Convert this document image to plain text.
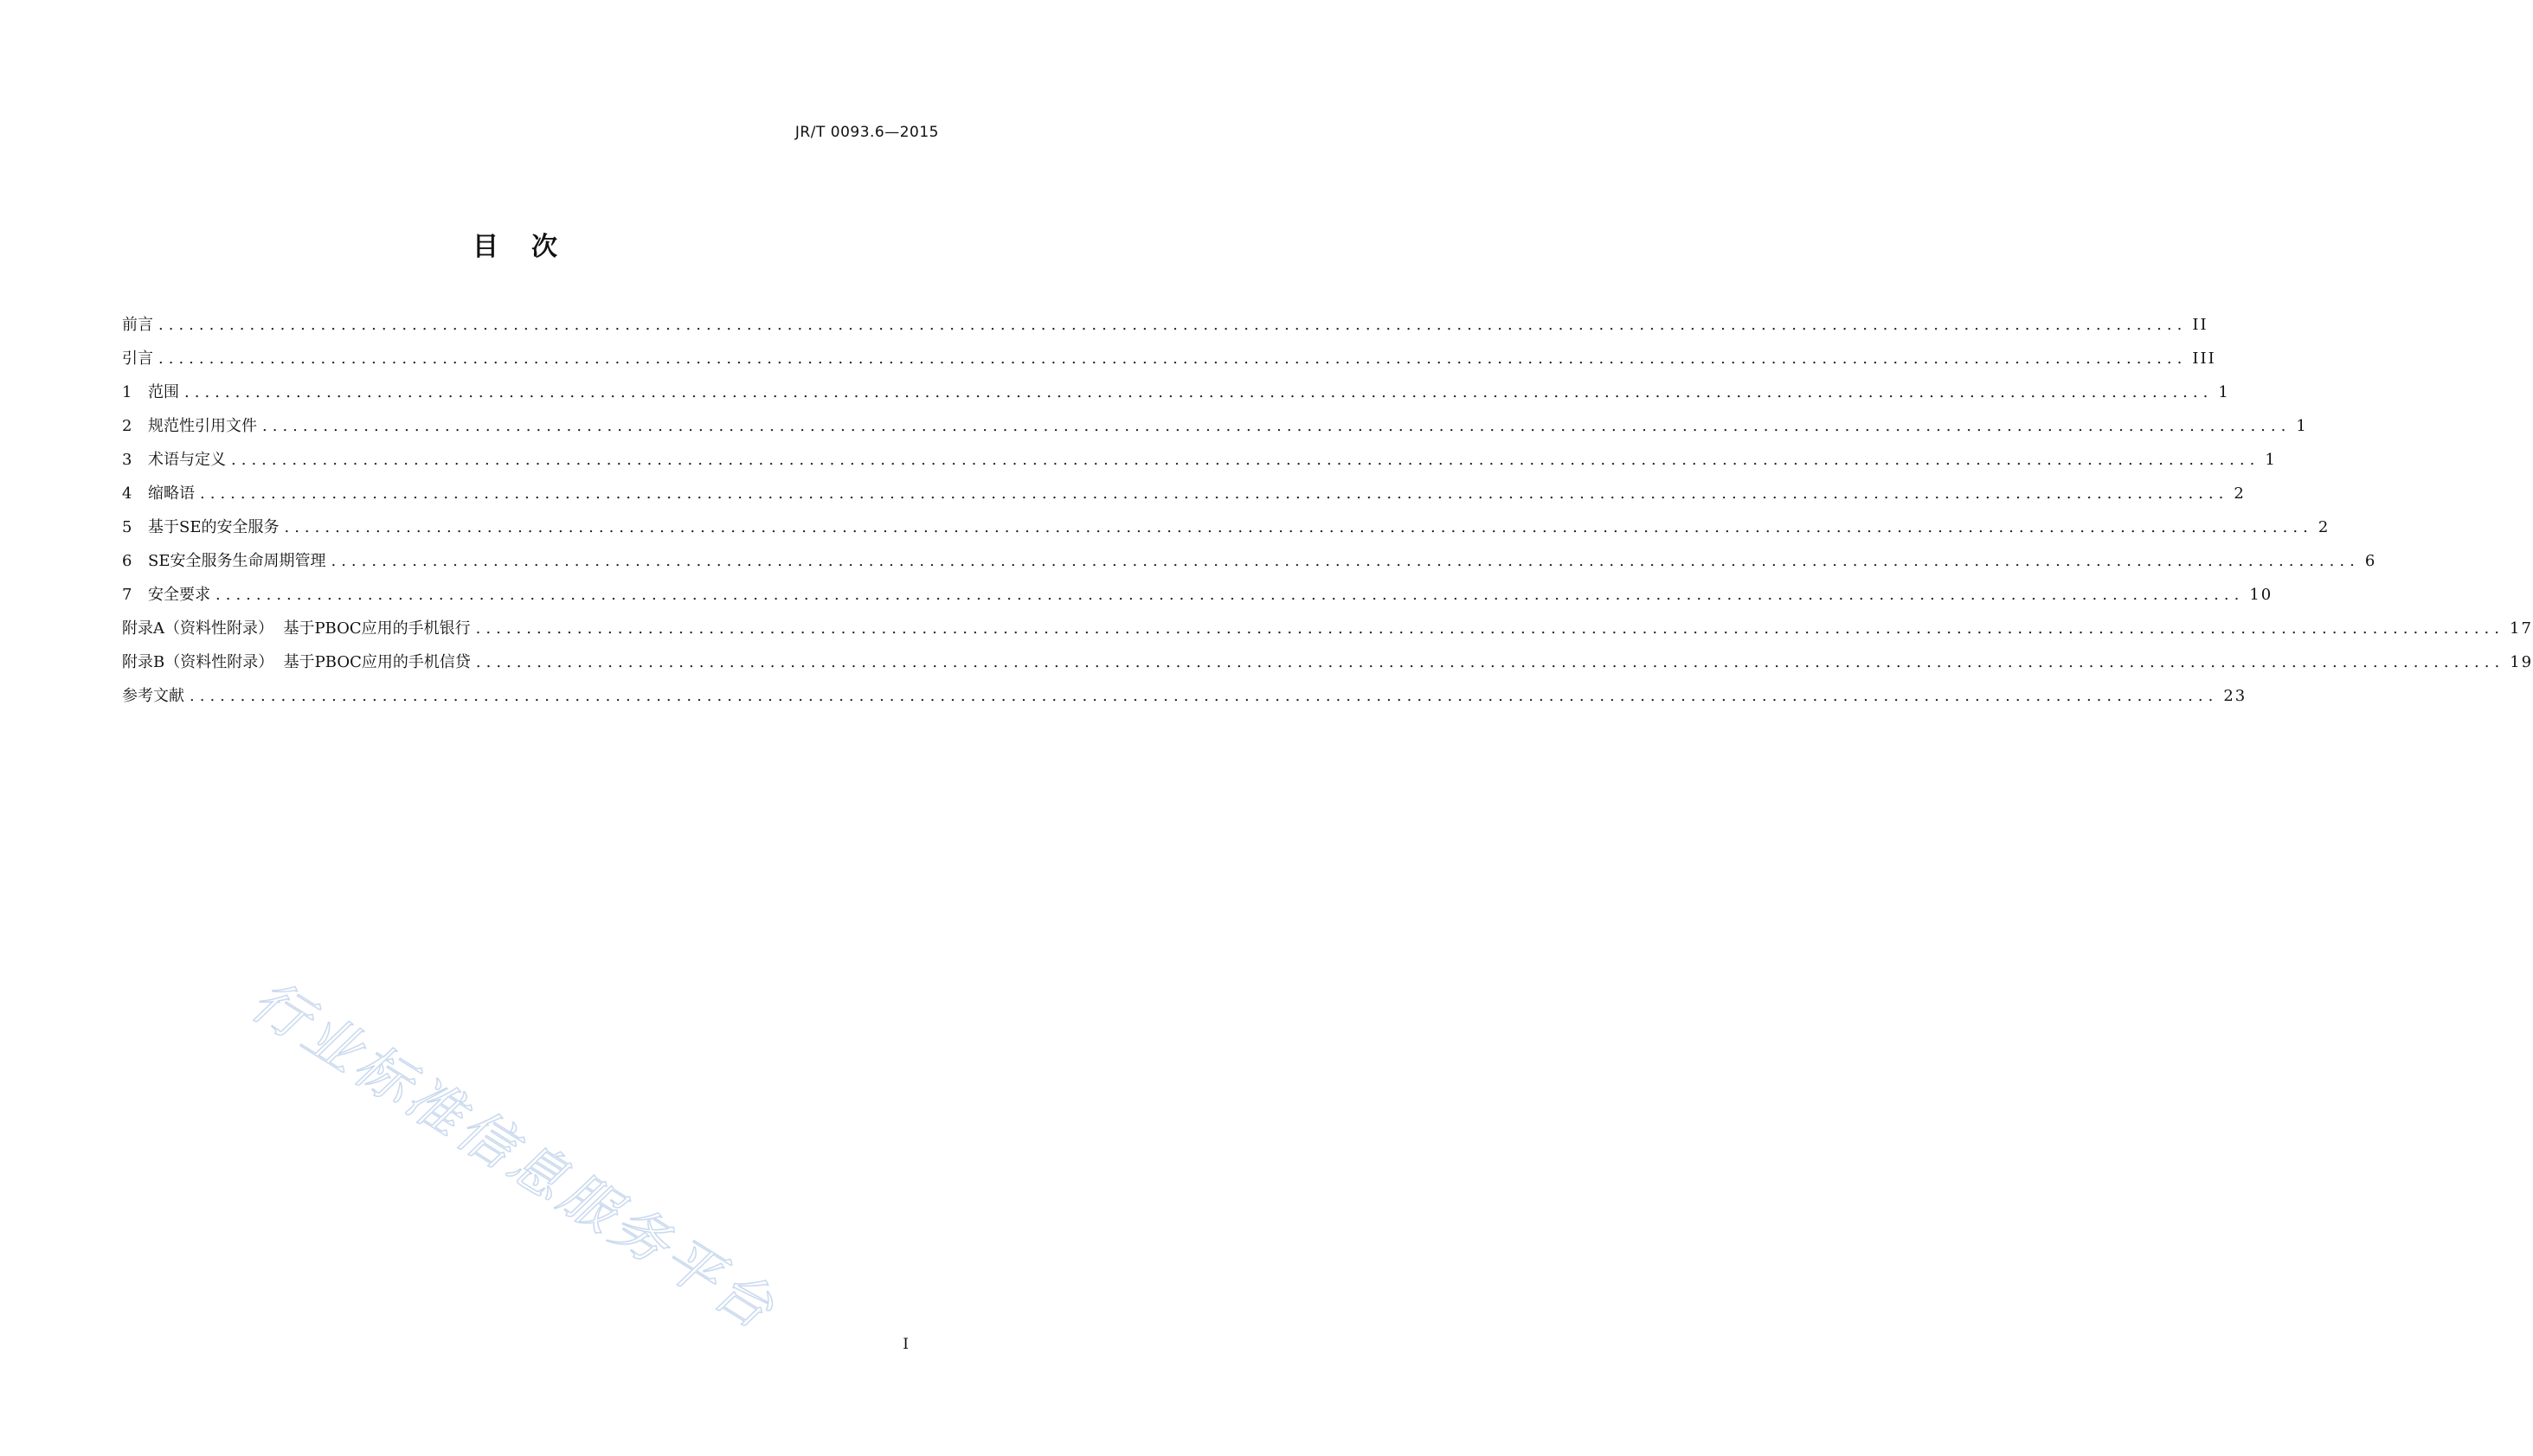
JR/T 0093.6—2015
目次
前言 ........................................................................................................................................................................................................ II
引言 ........................................................................................................................................................................................................ III
1	范围 ........................................................................................................................................................................................................ 1
2	规范性引用文件 ........................................................................................................................................................................................................ 1
3	术语与定义 ........................................................................................................................................................................................................ 1
4	缩略语 ........................................................................................................................................................................................................ 2
5	基于SE的安全服务 ........................................................................................................................................................................................................ 2
6	SE安全服务生命周期管理 ........................................................................................................................................................................................................ 6
7	安全要求 ........................................................................................................................................................................................................ 10
附录A（资料性附录）  基于PBOC应用的手机银行 ........................................................................................................................................................................................................ 17
附录B（资料性附录）  基于PBOC应用的手机信贷 ........................................................................................................................................................................................................ 19
参考文献 ........................................................................................................................................................................................................ 23
行业标准信息服务平台
I
